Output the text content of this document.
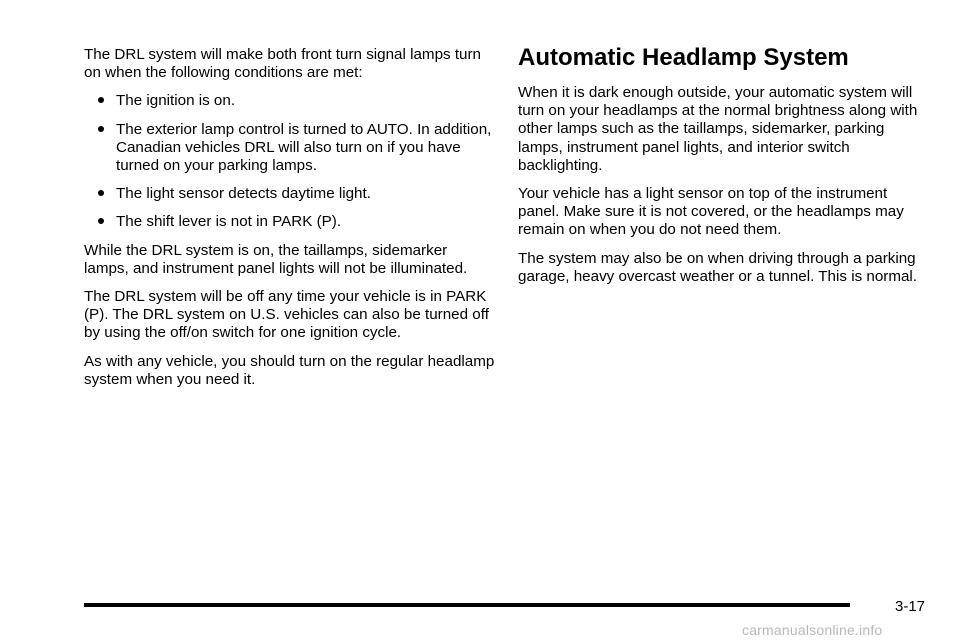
The DRL system will make both front turn signal lamps turn on when the following conditions are met:

The ignition is on.
The exterior lamp control is turned to AUTO. In addition, Canadian vehicles DRL will also turn on if you have turned on your parking lamps.
The light sensor detects daytime light.
The shift lever is not in PARK (P).

While the DRL system is on, the taillamps, sidemarker lamps, and instrument panel lights will not be illuminated.

The DRL system will be off any time your vehicle is in PARK (P). The DRL system on U.S. vehicles can also be turned off by using the off/on switch for one ignition cycle.

As with any vehicle, you should turn on the regular headlamp system when you need it.

Automatic Headlamp System

When it is dark enough outside, your automatic system will turn on your headlamps at the normal brightness along with other lamps such as the taillamps, sidemarker, parking lamps, instrument panel lights, and interior switch backlighting.

Your vehicle has a light sensor on top of the instrument panel. Make sure it is not covered, or the headlamps may remain on when you do not need them.

The system may also be on when driving through a parking garage, heavy overcast weather or a tunnel. This is normal.

3-17
carmanualsonline.info
